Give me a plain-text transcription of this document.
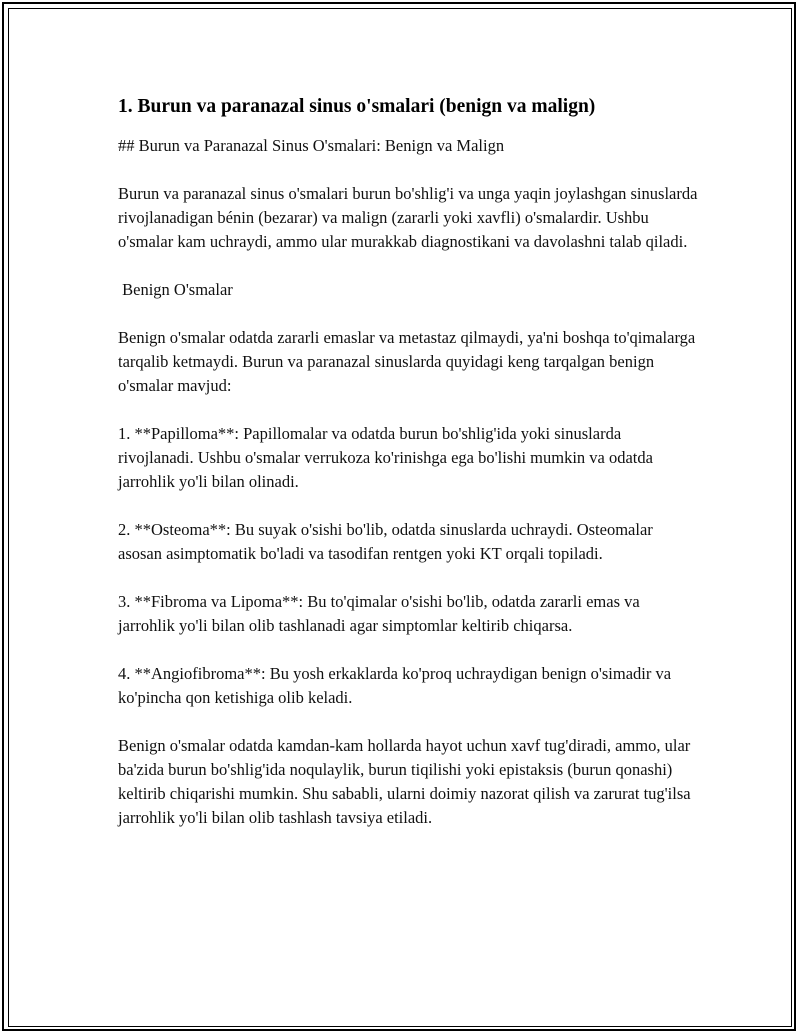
1. Burun va paranazal sinus o'smalari (benign va malign)

## Burun va Paranazal Sinus O'smalari: Benign va Malign

Burun va paranazal sinus o'smalari burun bo'shlig'i va unga yaqin joylashgan sinuslarda rivojlanadigan bénin (bezarar) va malign (zararli yoki xavfli) o'smalardir. Ushbu o'smalar kam uchraydi, ammo ular murakkab diagnostikani va davolashni talab qiladi.

Benign O'smalar

Benign o'smalar odatda zararli emaslar va metastaz qilmaydi, ya'ni boshqa to'qimalarga tarqalib ketmaydi. Burun va paranazal sinuslarda quyidagi keng tarqalgan benign o'smalar mavjud:

1. **Papilloma**: Papillomalar va odatda burun bo'shlig'ida yoki sinuslarda rivojlanadi. Ushbu o'smalar verrukoza ko'rinishga ega bo'lishi mumkin va odatda jarrohlik yo'li bilan olinadi.

2. **Osteoma**: Bu suyak o'sishi bo'lib, odatda sinuslarda uchraydi. Osteomalar asosan asimptomatik bo'ladi va tasodifan rentgen yoki KT orqali topiladi.

3. **Fibroma va Lipoma**: Bu to'qimalar o'sishi bo'lib, odatda zararli emas va jarrohlik yo'li bilan olib tashlanadi agar simptomlar keltirib chiqarsa.

4. **Angiofibroma**: Bu yosh erkaklarda ko'proq uchraydigan benign o'simadir va ko'pincha qon ketishiga olib keladi.

Benign o'smalar odatda kamdan-kam hollarda hayot uchun xavf tug'diradi, ammo, ular ba'zida burun bo'shlig'ida noqulaylik, burun tiqilishi yoki epistaksis (burun qonashi) keltirib chiqarishi mumkin. Shu sababli, ularni doimiy nazorat qilish va zarurat tug'ilsa jarrohlik yo'li bilan olib tashlash tavsiya etiladi.
